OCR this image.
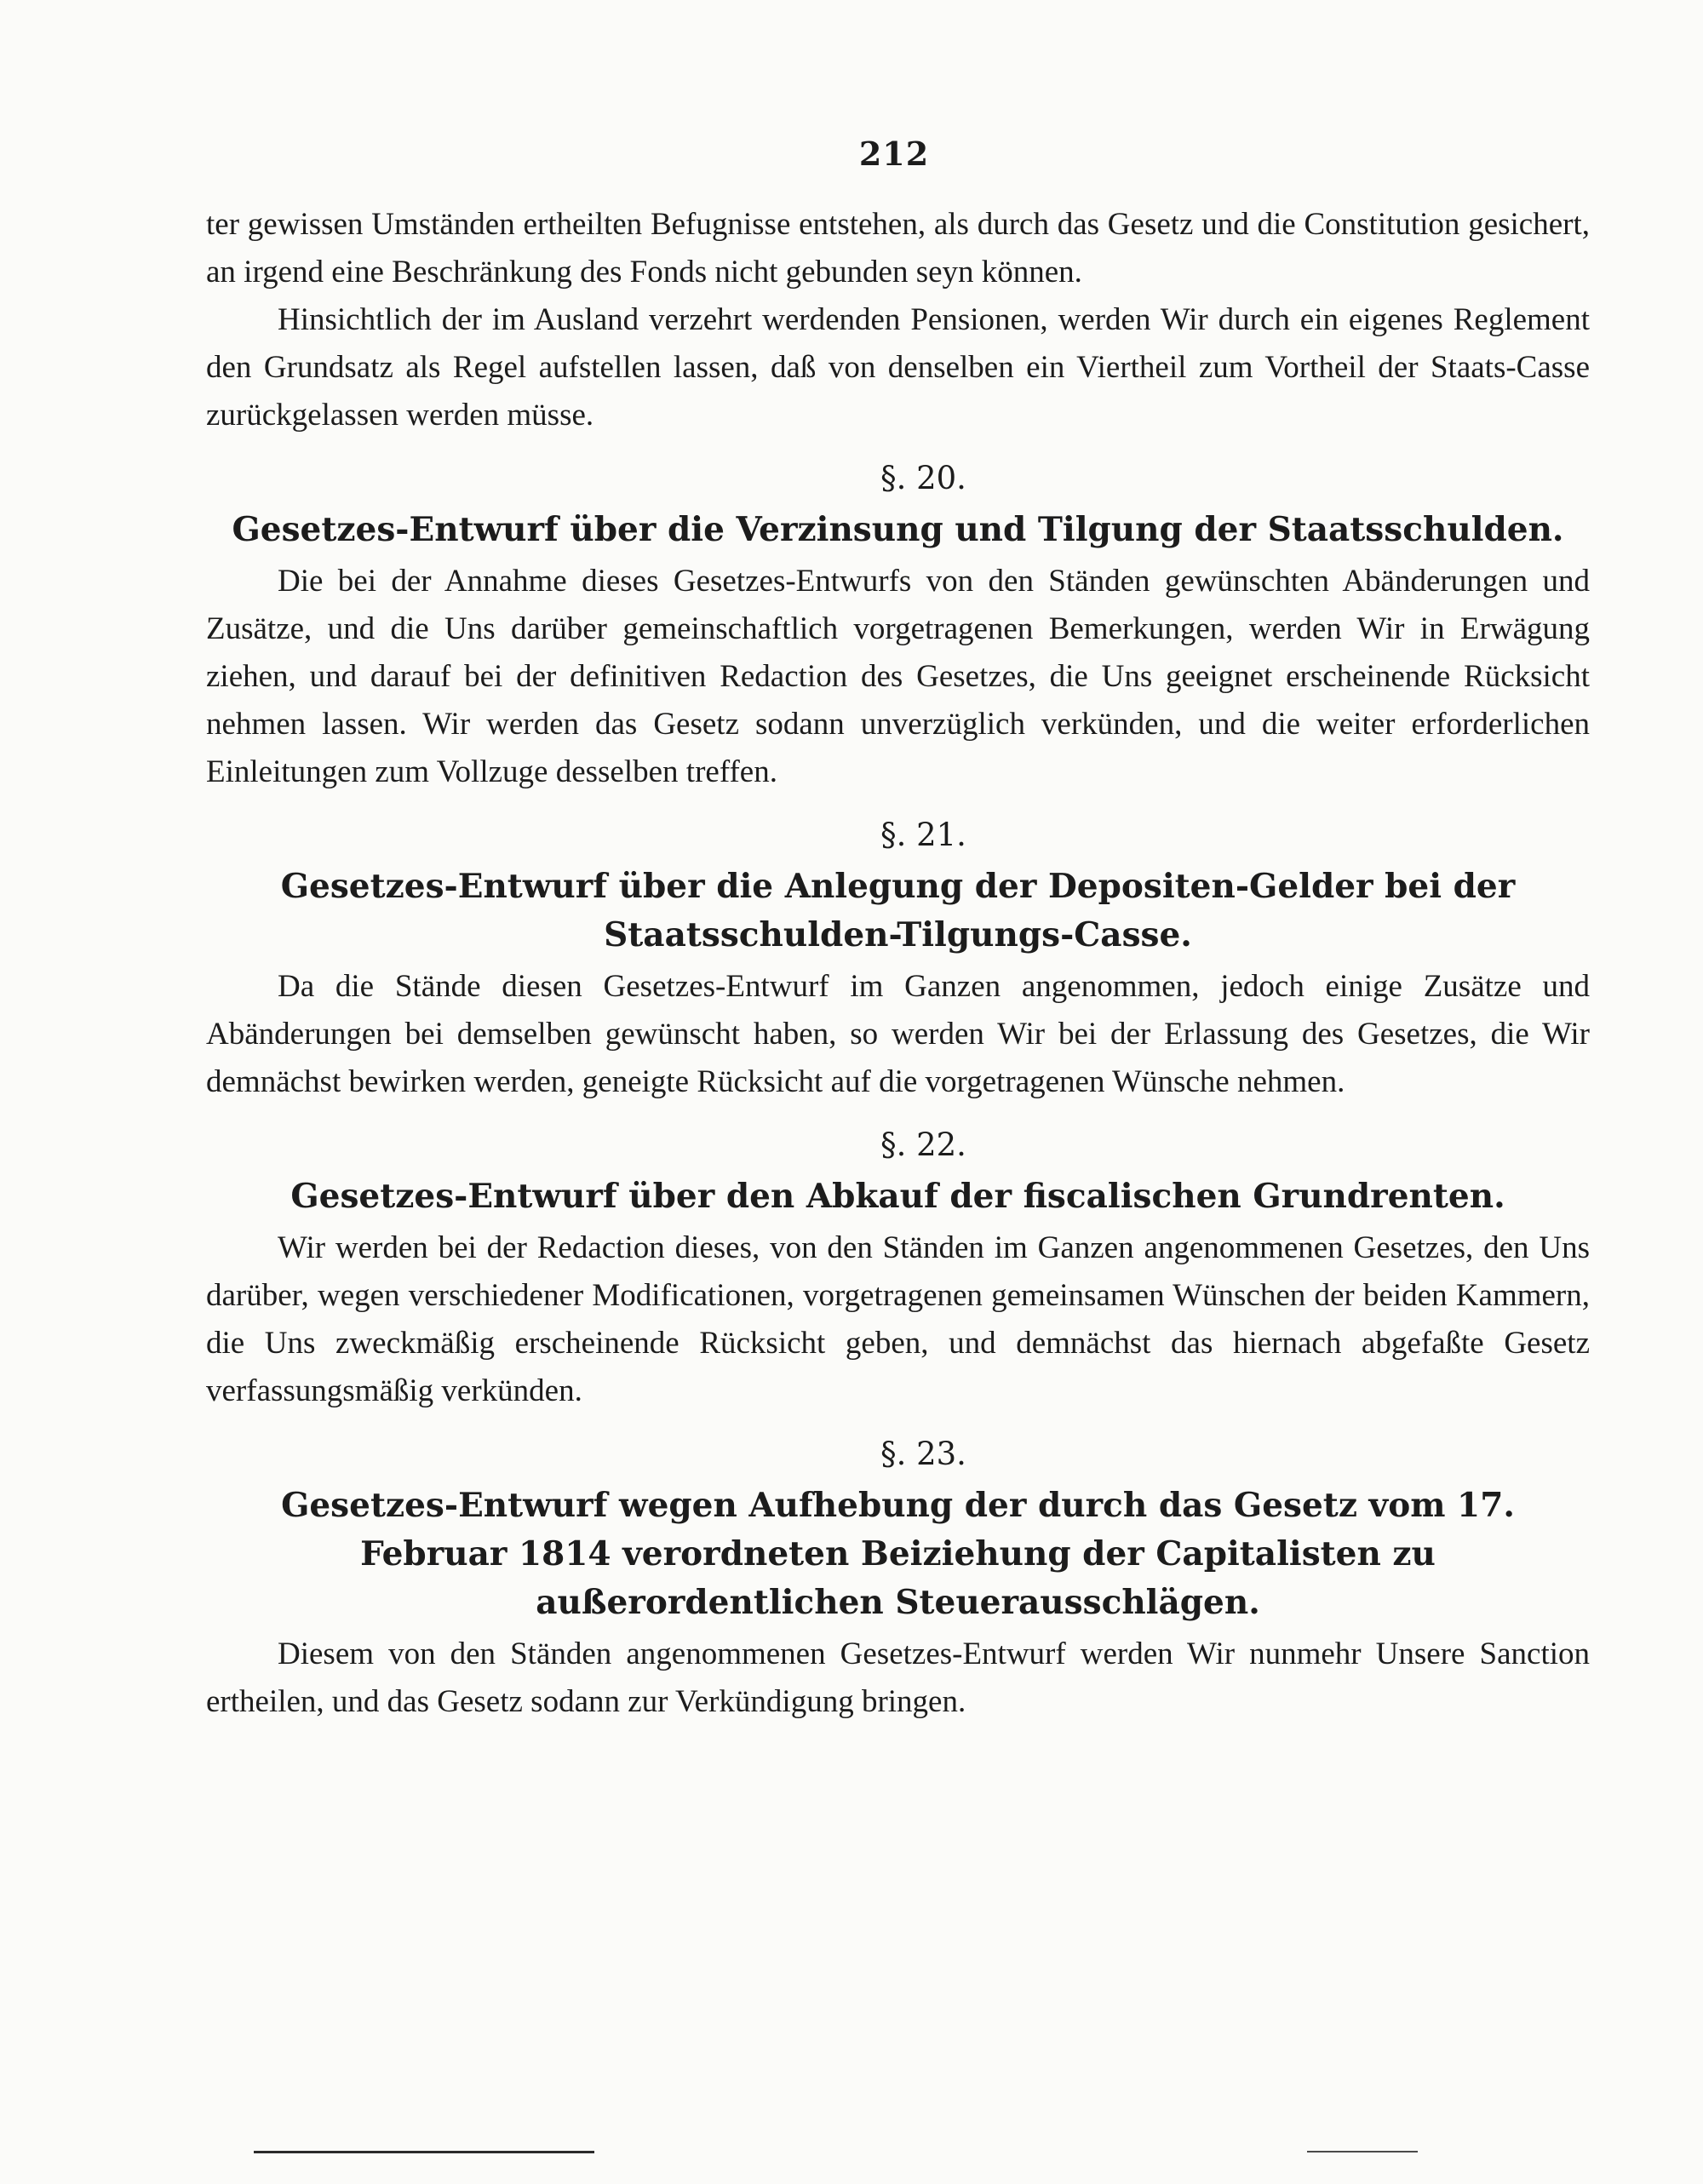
212

ter gewissen Umständen ertheilten Befugnisse entstehen, als durch das Gesetz und die Constitution gesichert, an irgend eine Beschränkung des Fonds nicht gebunden seyn können.

Hinsichtlich der im Ausland verzehrt werdenden Pensionen, werden Wir durch ein eigenes Reglement den Grundsatz als Regel aufstellen lassen, daß von denselben ein Viertheil zum Vortheil der Staats-Casse zurückgelassen werden müsse.

§. 20.
Gesetzes-Entwurf über die Verzinsung und Tilgung der Staatsschulden.

Die bei der Annahme dieses Gesetzes-Entwurfs von den Ständen gewünschten Abänderungen und Zusätze, und die Uns darüber gemeinschaftlich vorgetragenen Bemerkungen, werden Wir in Erwägung ziehen, und darauf bei der definitiven Redaction des Gesetzes, die Uns geeignet erscheinende Rücksicht nehmen lassen. Wir werden das Gesetz sodann unverzüglich verkünden, und die weiter erforderlichen Einleitungen zum Vollzuge desselben treffen.

§. 21.
Gesetzes-Entwurf über die Anlegung der Depositen-Gelder bei der Staatsschulden-Tilgungs-Casse.

Da die Stände diesen Gesetzes-Entwurf im Ganzen angenommen, jedoch einige Zusätze und Abänderungen bei demselben gewünscht haben, so werden Wir bei der Erlassung des Gesetzes, die Wir demnächst bewirken werden, geneigte Rücksicht auf die vorgetragenen Wünsche nehmen.

§. 22.
Gesetzes-Entwurf über den Abkauf der fiscalischen Grundrenten.

Wir werden bei der Redaction dieses, von den Ständen im Ganzen angenommenen Gesetzes, den Uns darüber, wegen verschiedener Modificationen, vorgetragenen gemeinsamen Wünschen der beiden Kammern, die Uns zweckmäßig erscheinende Rücksicht geben, und demnächst das hiernach abgefaßte Gesetz verfassungsmäßig verkünden.

§. 23.
Gesetzes-Entwurf wegen Aufhebung der durch das Gesetz vom 17. Februar 1814 verordneten Beiziehung der Capitalisten zu außerordentlichen Steuerausschlägen.

Diesem von den Ständen angenommenen Gesetzes-Entwurf werden Wir nunmehr Unsere Sanction ertheilen, und das Gesetz sodann zur Verkündigung bringen.
